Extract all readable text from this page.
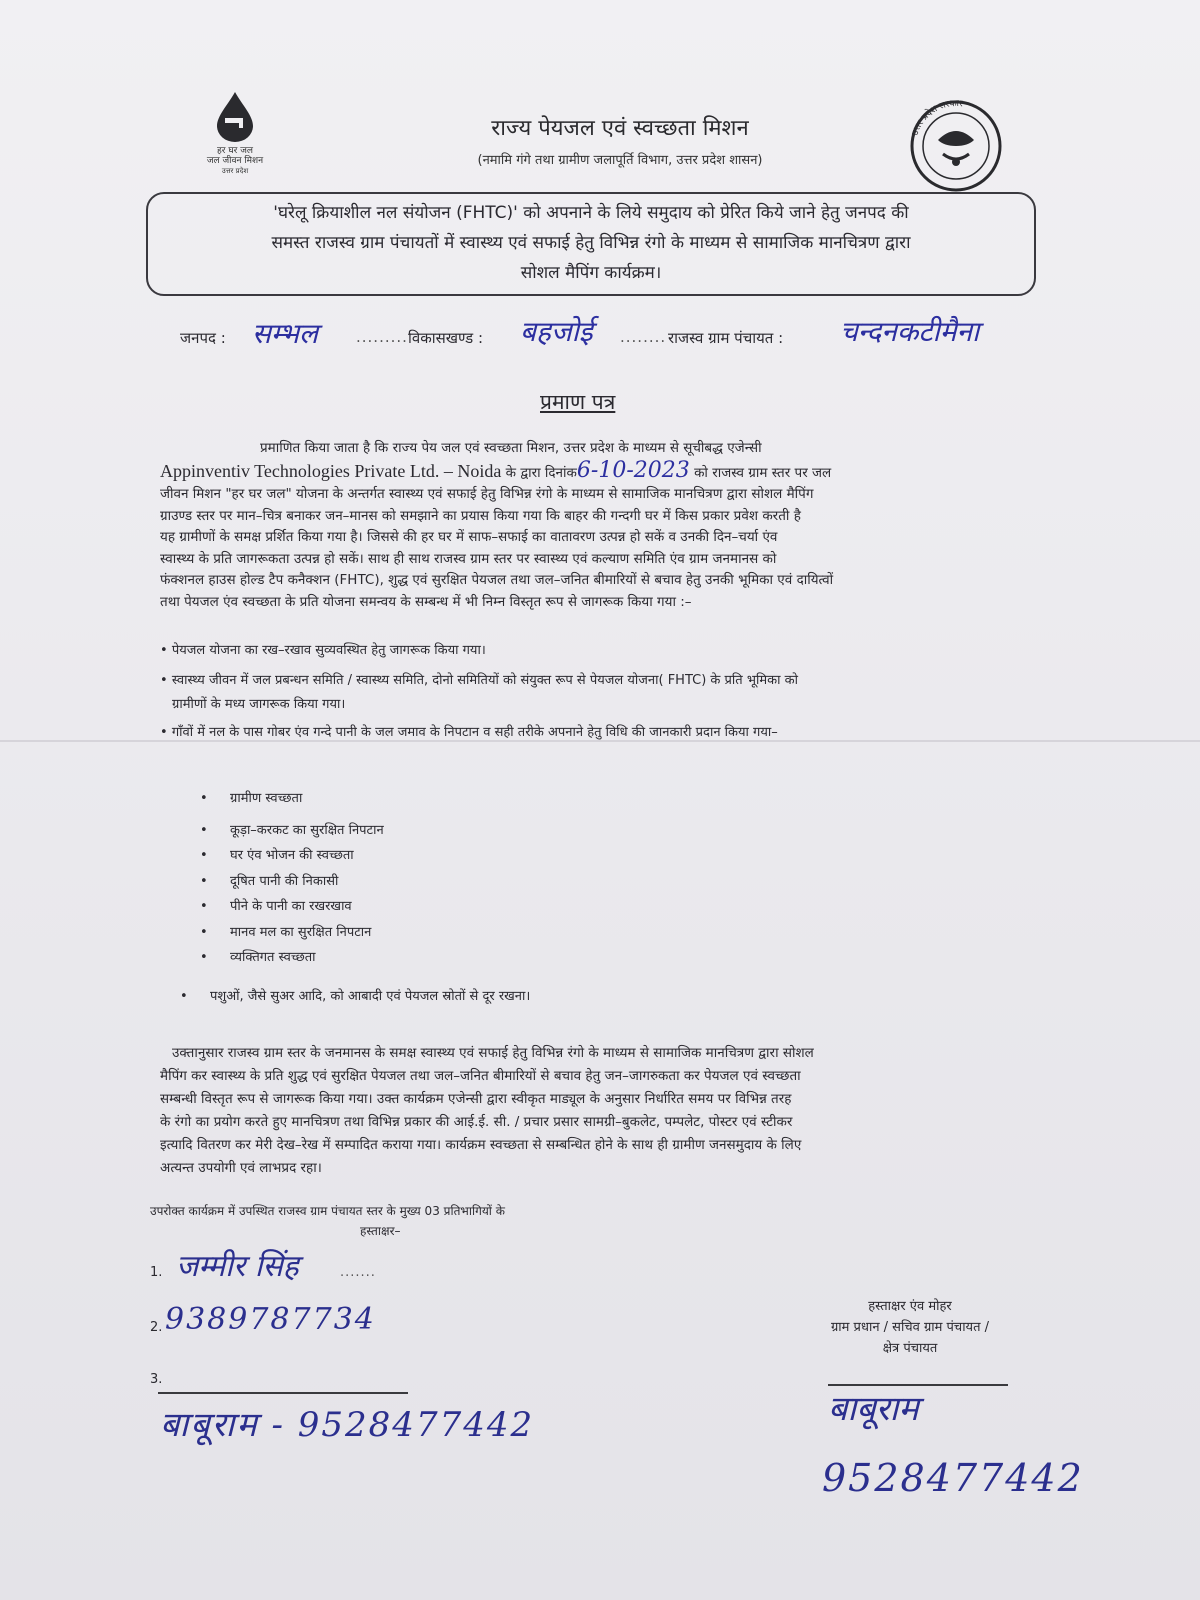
हर घर जल
जल जीवन मिशन
उत्तर प्रदेश
राज्य पेयजल एवं स्वच्छता मिशन
(नमामि गंगे तथा ग्रामीण जलापूर्ति विभाग, उत्तर प्रदेश शासन)
उत्तर प्रदेश सरकार
'घरेलू क्रियाशील नल संयोजन (FHTC)' को अपनाने के लिये समुदाय को प्रेरित किये जाने हेतु जनपद की
समस्त राजस्व ग्राम पंचायतों में स्वास्थ्य एवं सफाई हेतु विभिन्न रंगो के माध्यम से सामाजिक मानचित्रण द्वारा
सोशल मैपिंग कार्यक्रम।
जनपद : सम्भल	......... विकासखण्ड : बहजोई ........ राजस्व ग्राम पंचायत : चन्दनकटीमैना
प्रमाण पत्र
प्रमाणित किया जाता है कि राज्य पेय जल एवं स्वच्छता मिशन, उत्तर प्रदेश के माध्यम से सूचीबद्ध एजेन्सी
Appinventiv Technologies Private Ltd. – Noida के द्वारा दिनांक6-10-2023 को राजस्व ग्राम स्तर पर जल
जीवन मिशन "हर घर जल" योजना के अन्तर्गत स्वास्थ्य एवं सफाई हेतु विभिन्न रंगो के माध्यम से सामाजिक मानचित्रण द्वारा सोशल मैपिंग
ग्राउण्ड स्तर पर मान–चित्र बनाकर जन–मानस को समझाने का प्रयास किया गया कि बाहर की गन्दगी घर में किस प्रकार प्रवेश करती है
यह ग्रामीणों के समक्ष प्रर्शित किया गया है। जिससे की हर घर में साफ–सफाई का वातावरण उत्पन्न हो सकें व उनकी दिन–चर्या एंव
स्वास्थ्य के प्रति जागरूकता उत्पन्न हो सकें। साथ ही साथ राजस्व ग्राम स्तर पर स्वास्थ्य एवं कल्याण समिति एंव ग्राम जनमानस को
फंक्शनल हाउस होल्ड टैप कनैक्शन (FHTC), शुद्ध एवं सुरक्षित पेयजल तथा जल–जनित बीमारियों से बचाव हेतु उनकी भूमिका एवं दायित्वों
तथा पेयजल एंव स्वच्छता के प्रति योजना समन्वय के सम्बन्ध में भी निम्न विस्तृत रूप से जागरूक किया गया :–
• पेयजल योजना का रख–रखाव सुव्यवस्थित हेतु जागरूक किया गया।
• स्वास्थ्य जीवन में जल प्रबन्धन समिति / स्वास्थ्य समिति, दोनो समितियों को संयुक्त रूप से पेयजल योजना( FHTC) के प्रति भूमिका को
ग्रामीणों के मध्य जागरूक किया गया।
• गाँवों में नल के पास गोबर एंव गन्दे पानी के जल जमाव के निपटान व सही तरीके अपनाने हेतु विधि की जानकारी प्रदान किया गया–
• ग्रामीण स्वच्छता
• कूड़ा–करकट का सुरक्षित निपटान
• घर एंव भोजन की स्वच्छता
• दूषित पानी की निकासी
• पीने के पानी का रखरखाव
• मानव मल का सुरक्षित निपटान
• व्यक्तिगत स्वच्छता
• पशुओं, जैसे सुअर आदि, को आबादी एवं पेयजल स्रोतों से दूर रखना।
उक्तानुसार राजस्व ग्राम स्तर के जनमानस के समक्ष स्वास्थ्य एवं सफाई हेतु विभिन्न रंगो के माध्यम से सामाजिक मानचित्रण द्वारा सोशल
मैपिंग कर स्वास्थ्य के प्रति शुद्ध एवं सुरक्षित पेयजल तथा जल–जनित बीमारियों से बचाव हेतु जन–जागरुकता कर पेयजल एवं स्वच्छता
सम्बन्धी विस्तृत रूप से जागरूक किया गया। उक्त कार्यक्रम एजेन्सी द्वारा स्वीकृत माड्यूल के अनुसार निर्धारित समय पर विभिन्न तरह
के रंगो का प्रयोग करते हुए मानचित्रण तथा विभिन्न प्रकार की आई.ई. सी. / प्रचार प्रसार सामग्री–बुकलेट, पम्पलेट, पोस्टर एवं स्टीकर
इत्यादि वितरण कर मेरी देख–रेख में सम्पादित कराया गया। कार्यक्रम स्वच्छता से सम्बन्धित होने के साथ ही ग्रामीण जनसमुदाय के लिए
अत्यन्त उपयोगी एवं लाभप्रद रहा।
उपरोक्त कार्यक्रम में उपस्थित राजस्व ग्राम पंचायत स्तर के मुख्य 03 प्रतिभागियों के
हस्ताक्षर–
1. जम्मीर सिंह	.......
2. 9389787734
3.
बाबूराम - 9528477442
हस्ताक्षर एंव मोहर
ग्राम प्रधान / सचिव ग्राम पंचायत /
क्षेत्र पंचायत
बाबूराम
9528477442
